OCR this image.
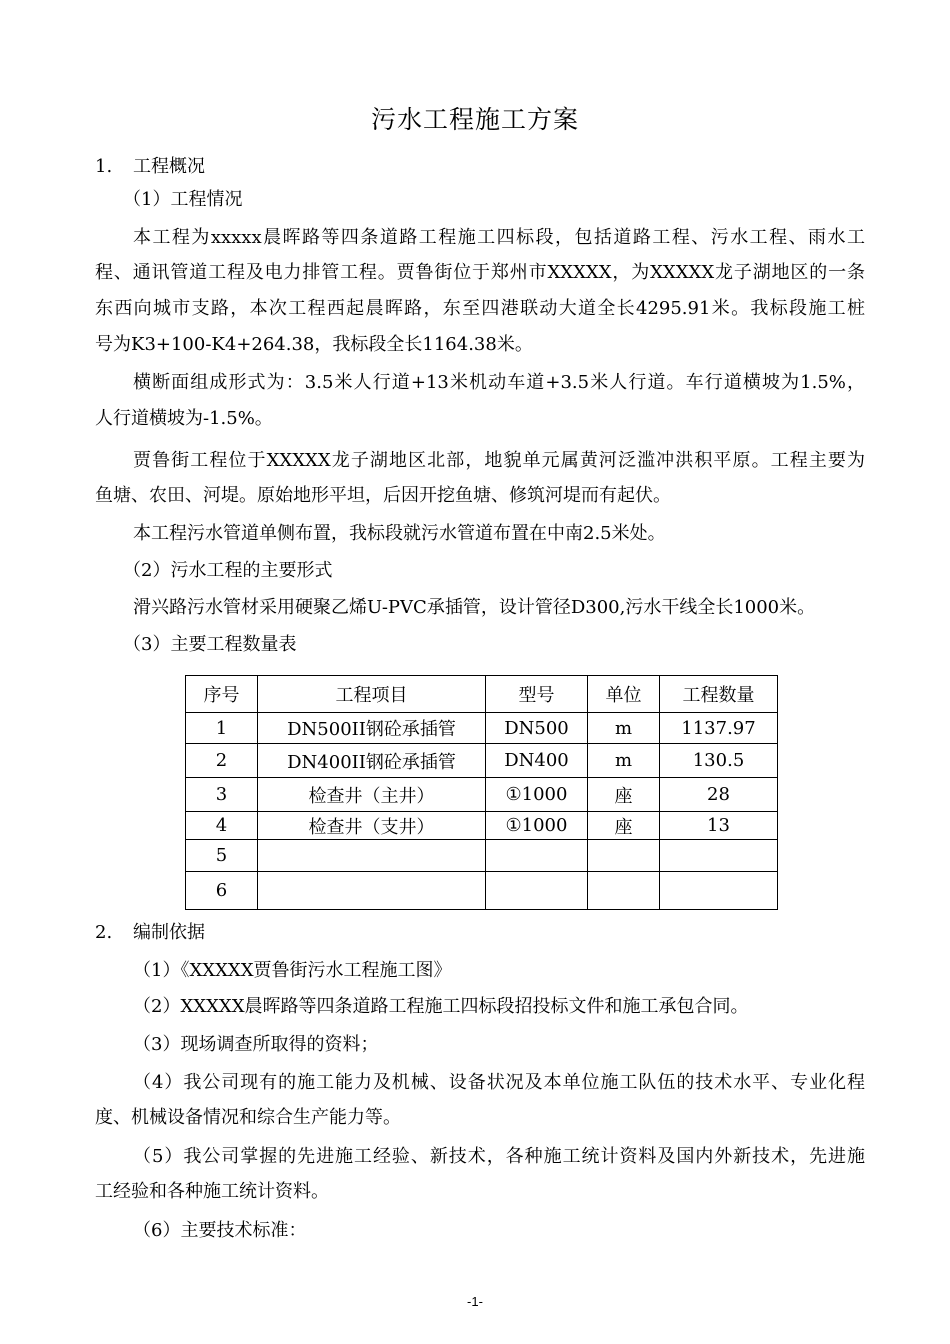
污水工程施工方案
1. 工程概况
（1）工程情况
本工程为xxxxx晨晖路等四条道路工程施工四标段，包括道路工程、污水工程、雨水工
程、通讯管道工程及电力排管工程。贾鲁街位于郑州市XXXXX，为XXXXX龙子湖地区的一条
东西向城市支路，本次工程西起晨晖路，东至四港联动大道全长4295.91米。我标段施工桩
号为K3+100-K4+264.38，我标段全长1164.38米。
横断面组成形式为：3.5米人行道+13米机动车道+3.5米人行道。车行道横坡为1.5%，
人行道横坡为-1.5%。
贾鲁街工程位于XXXXX龙子湖地区北部，地貌单元属黄河泛滥冲洪积平原。工程主要为
鱼塘、农田、河堤。原始地形平坦，后因开挖鱼塘、修筑河堤而有起伏。
本工程污水管道单侧布置，我标段就污水管道布置在中南2.5米处。
（2）污水工程的主要形式
滑兴路污水管材采用硬聚乙烯U-PVC承插管，设计管径D300,污水干线全长1000米。
（3）主要工程数量表
序号	工程项目	型号	单位	工程数量
1	DN500II钢砼承插管	DN500	m	1137.97
2	DN400II钢砼承插管	DN400	m	130.5
3	检查井（主井）	①1000	座	28
4	检查井（支井）	①1000	座	13
5				
6				
2. 编制依据
（1）《XXXXX贾鲁街污水工程施工图》
（2）XXXXX晨晖路等四条道路工程施工四标段招投标文件和施工承包合同。
（3）现场调查所取得的资料；
（4）我公司现有的施工能力及机械、设备状况及本单位施工队伍的技术水平、专业化程
度、机械设备情况和综合生产能力等。
（5）我公司掌握的先进施工经验、新技术，各种施工统计资料及国内外新技术，先进施
工经验和各种施工统计资料。
（6）主要技术标准：
-1-
